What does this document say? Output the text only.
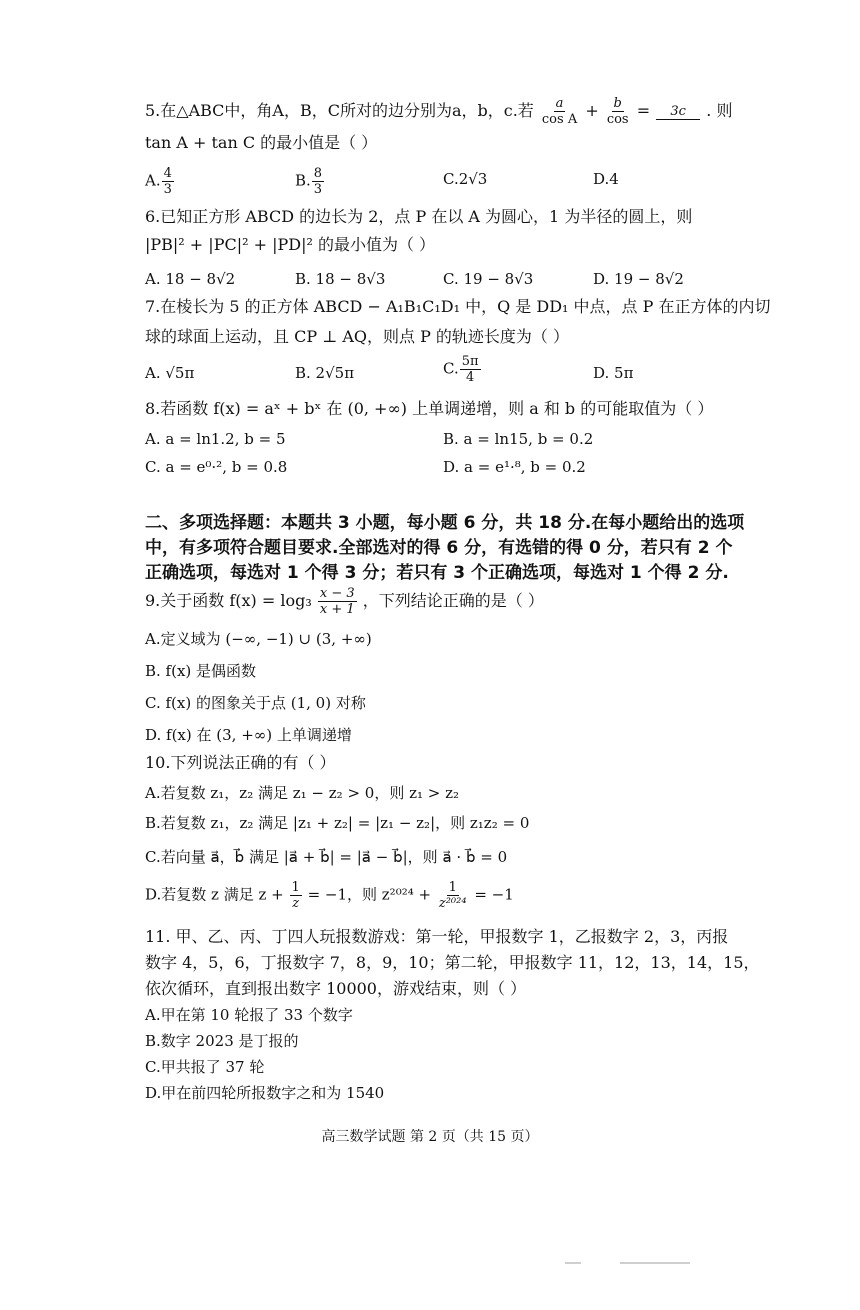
5.在△ABC中，角A，B，C所对的边分别为a，b，c.若 $\frac{a}{\text{cos A}} + \frac{b}{\cos}$ =	3c	. 则
tan A + tan C 的最小值是（ ）
A. $\frac{4}{3}$	B. $\frac{8}{3}$	C.2√3	D.4
6.已知正方形 ABCD 的边长为 2，点 P 在以 A 为圆心，1 为半径的圆上，则
|PB|² + |PC|² + |PD|² 的最小值为（ ）
A. 18 − 8√2	B. 18 − 8√3	C. 19 − 8√3	D. 19 − 8√2
7.在棱长为 5 的正方体 ABCD − A₁B₁C₁D₁ 中，Q 是 DD₁ 中点，点 P 在正方体的内切
球的球面上运动，且 CP ⊥ AQ，则点 P 的轨迹长度为（ ）
A. √5π	B. 2√5π	C. $\frac{5\pi}{4}$	D. 5π
8.若函数 f(x) = aˣ + bˣ 在 (0, +∞) 上单调递增，则 a 和 b 的可能取值为（ ）
A. a = ln1.2, b = 5	B. a = ln15, b = 0.2
C. a = e⁰·², b = 0.8	D. a = e¹·⁸, b = 0.2
二、多项选择题：本题共 3 小题，每小题 6 分，共 18 分.在每小题给出的选项
中，有多项符合题目要求.全部选对的得 6 分，有选错的得 0 分，若只有 2 个
正确选项，每选对 1 个得 3 分；若只有 3 个正确选项，每选对 1 个得 2 分.
9.关于函数 $f(x) = \log_3 \frac{x - 3}{x + 1}$ ，下列结论正确的是（ ）
A.定义域为 (−∞, −1) ∪ (3, +∞)
B. f(x) 是偶函数
C. f(x) 的图象关于点 (1, 0) 对称
D. f(x) 在 (3, +∞) 上单调递增
10.下列说法正确的有（ ）
A.若复数 z₁，z₂ 满足 z₁ − z₂ > 0，则 z₁ > z₂
B.若复数 z₁，z₂ 满足 |z₁ + z₂| = |z₁ − z₂|，则 z₁z₂ = 0
C.若向量 a⃗，b⃗ 满足 |a⃗ + b⃗| = |a⃗ − b⃗|，则 a⃗ · b⃗ = 0
D.若复数 z 满足 $z + \frac{1}{z} = -1$，则 $z^{2024} + \frac{1}{\text{z²⁰²⁴}} = -1$
11. 甲、乙、丙、丁四人玩报数游戏：第一轮，甲报数字 1，乙报数字 2，3，丙报
数字 4，5，6，丁报数字 7，8，9，10；第二轮，甲报数字 11，12，13，14，15，
依次循环，直到报出数字 10000，游戏结束，则（ ）
A.甲在第 10 轮报了 33 个数字
B.数字 2023 是丁报的
C.甲共报了 37 轮
D.甲在前四轮所报数字之和为 1540
高三数学试题 第 2 页（共 15 页）
